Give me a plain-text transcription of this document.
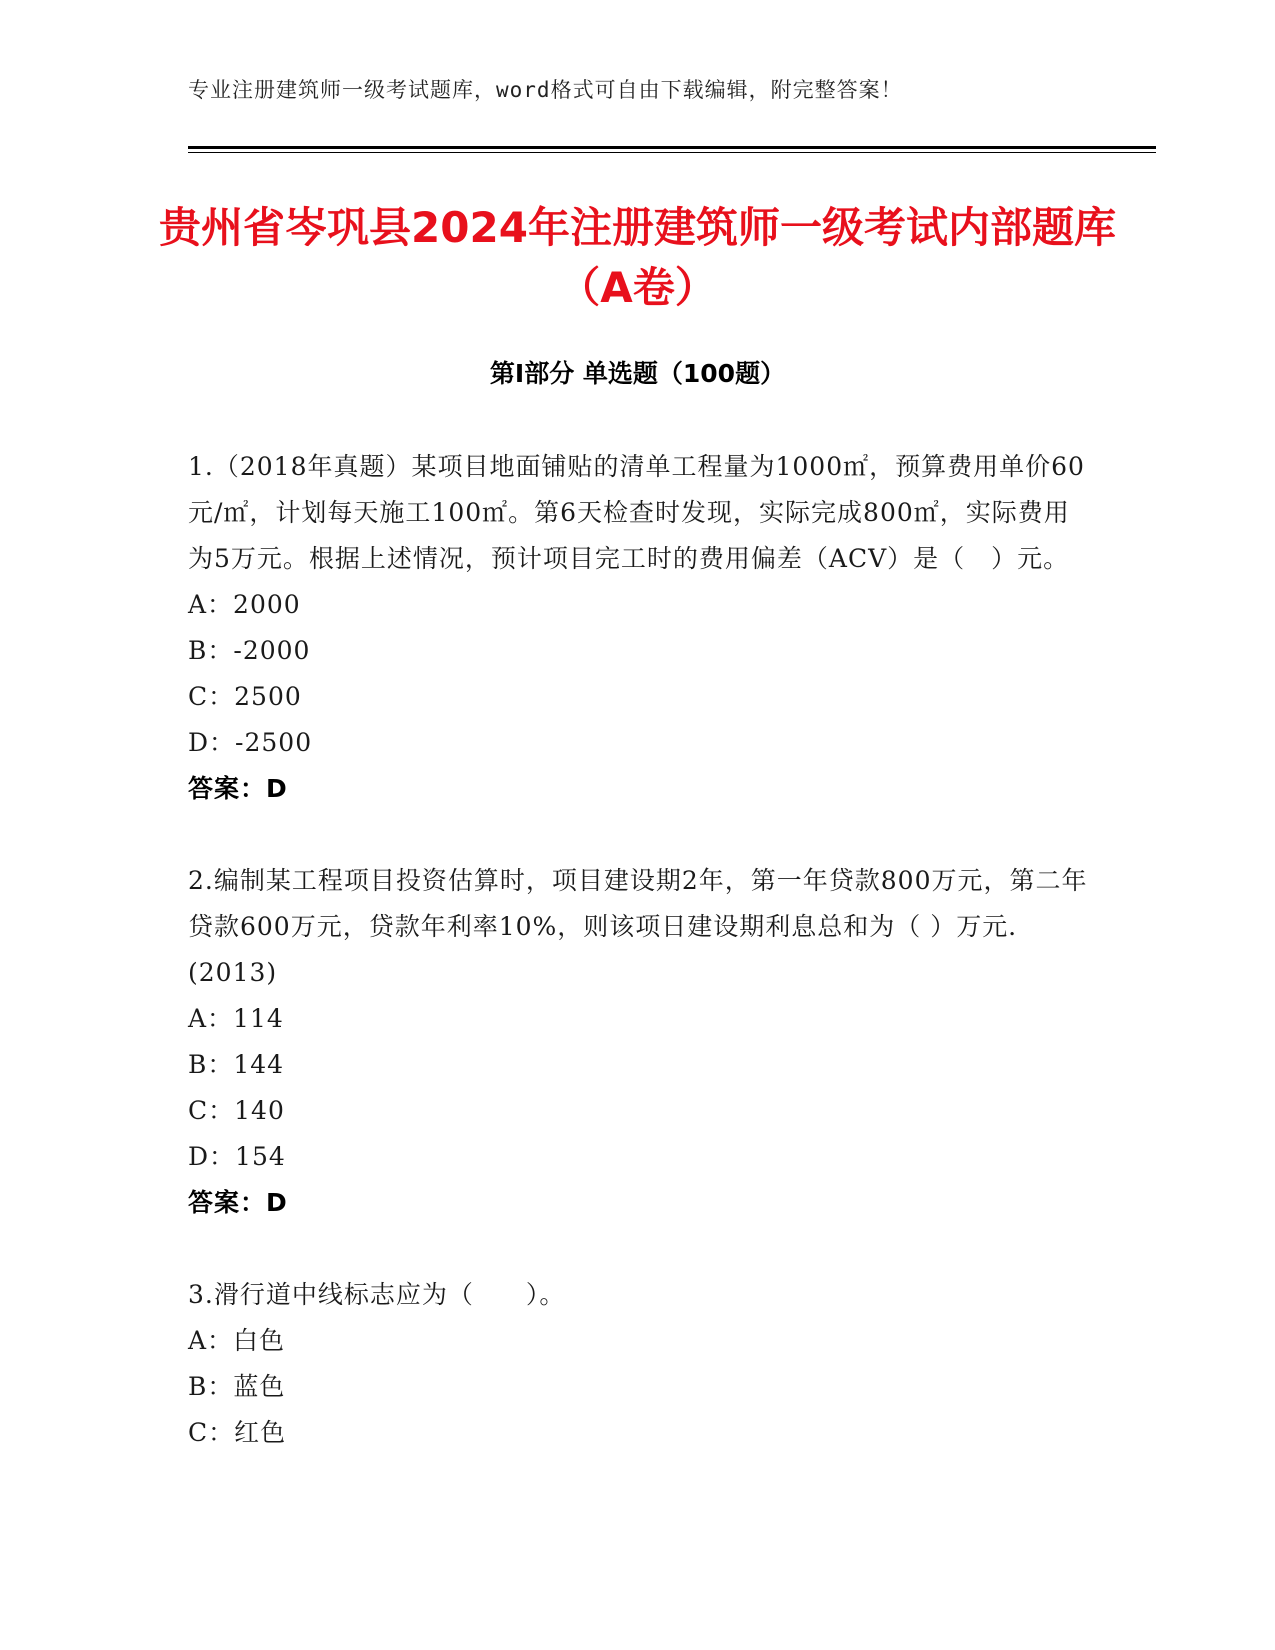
专业注册建筑师一级考试题库，word格式可自由下载编辑，附完整答案！
贵州省岑巩县2024年注册建筑师一级考试内部题库（A卷）
第Ⅰ部分 单选题（100题）

1.（2018年真题）某项目地面铺贴的清单工程量为1000㎡，预算费用单价60元/㎡，计划每天施工100㎡。第6天检查时发现，实际完成800㎡，实际费用为5万元。根据上述情况，预计项目完工时的费用偏差（ACV）是（　）元。

A：2000

B：-2000

C：2500

D：-2500

答案：D

2.编制某工程项目投资估算时，项目建设期2年，第一年贷款800万元，第二年贷款600万元，贷款年利率10%，则该项日建设期利息总和为（ ）万元． (2013)

A：114

B：144

C：140

D：154

答案：D

3.滑行道中线标志应为（　　）。

A：白色

B：蓝色

C：红色
